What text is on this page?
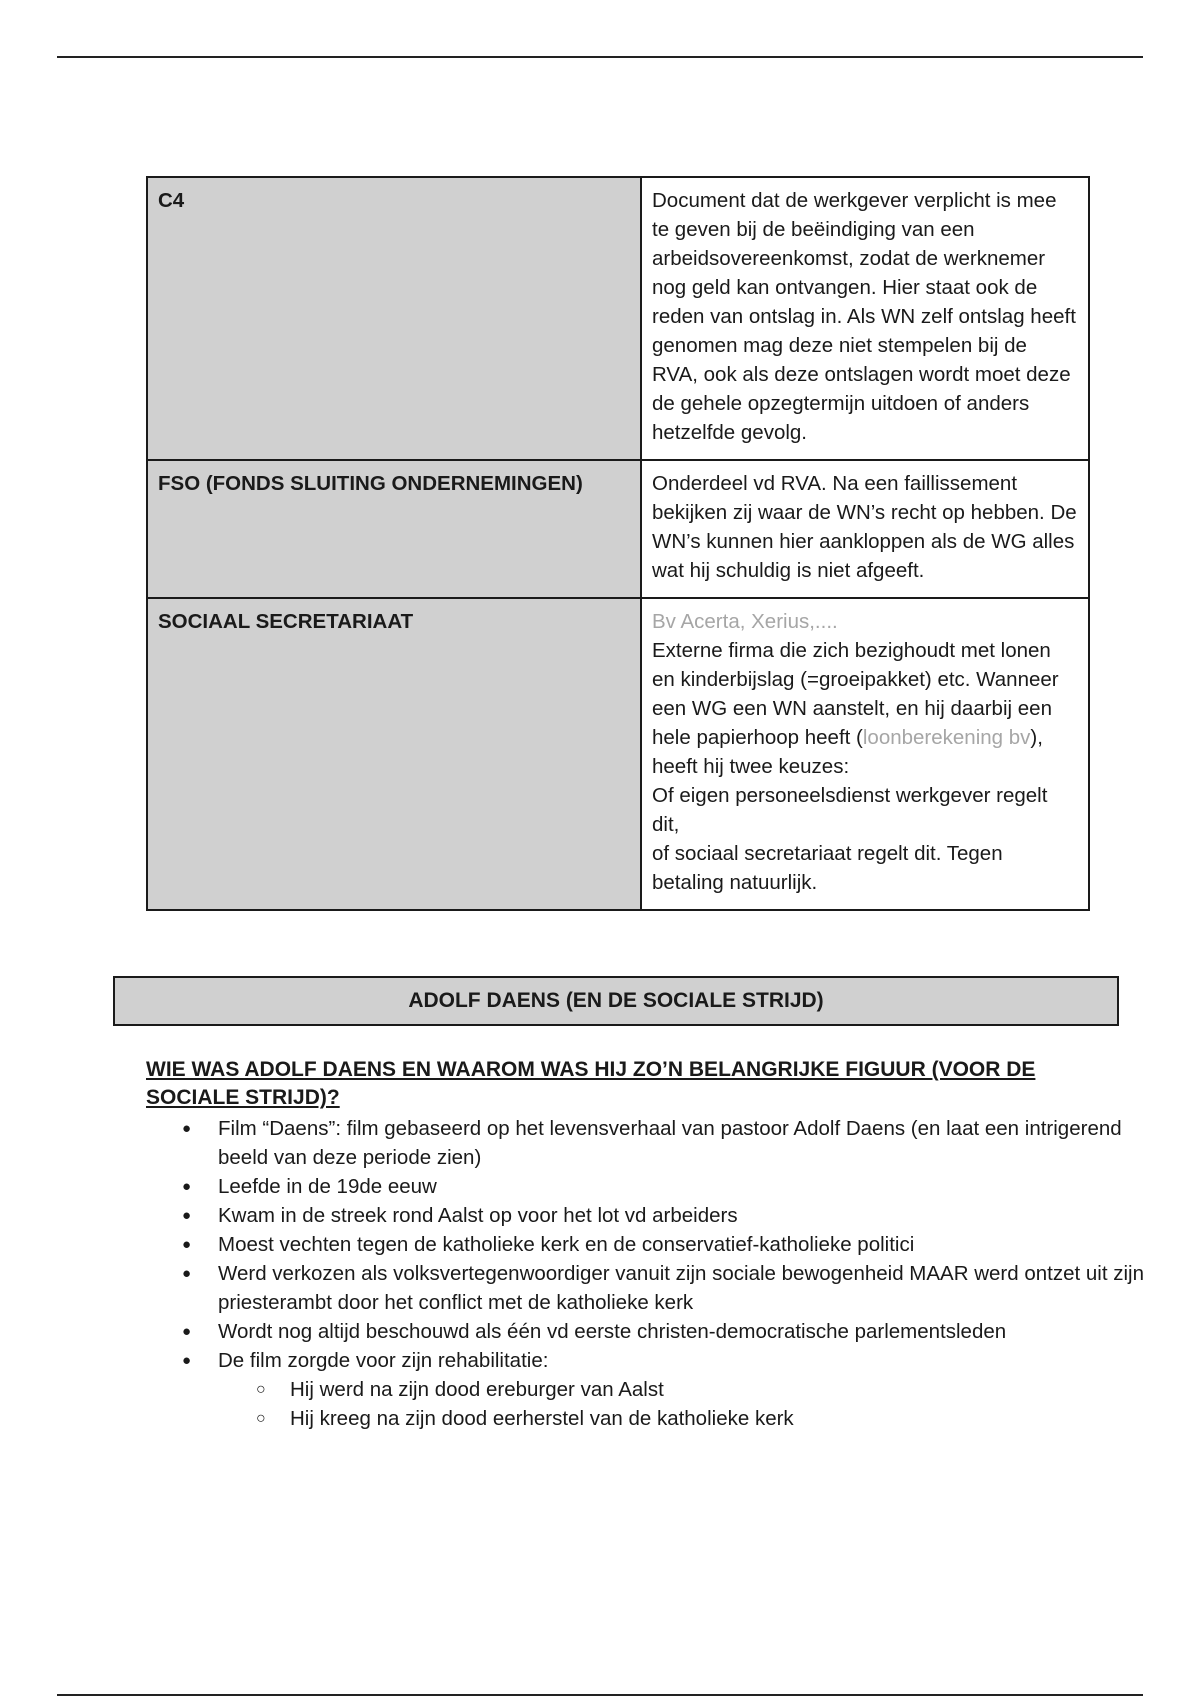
C4	Document dat de werkgever verplicht is mee te geven bij de beëindiging van een arbeidsovereenkomst, zodat de werknemer nog geld kan ontvangen. Hier staat ook de reden van ontslag in. Als WN zelf ontslag heeft genomen mag deze niet stempelen bij de RVA, ook als deze ontslagen wordt moet deze de gehele opzegtermijn uitdoen of anders hetzelfde gevolg.
FSO (FONDS SLUITING ONDERNEMINGEN)	Onderdeel vd RVA. Na een faillissement bekijken zij waar de WN’s recht op hebben. De WN’s kunnen hier aankloppen als de WG alles wat hij schuldig is niet afgeeft.
SOCIAAL SECRETARIAAT	Bv Acerta, Xerius,....
Externe firma die zich bezighoudt met lonen en kinderbijslag (=groeipakket) etc. Wanneer een WG een WN aanstelt, en hij daarbij een hele papierhoop heeft (loonberekening bv), heeft hij twee keuzes:
Of eigen personeelsdienst werkgever regelt dit,
of sociaal secretariaat regelt dit. Tegen betaling natuurlijk.
ADOLF DAENS (EN DE SOCIALE STRIJD)

WIE WAS ADOLF DAENS EN WAAROM WAS HIJ ZO’N BELANGRIJKE FIGUUR (VOOR DE SOCIALE STRIJD)?

● Film “Daens”: film gebaseerd op het levensverhaal van pastoor Adolf Daens (en laat een intrigerend beeld van deze periode zien)
● Leefde in de 19de eeuw
● Kwam in de streek rond Aalst op voor het lot vd arbeiders
● Moest vechten tegen de katholieke kerk en de conservatief-katholieke politici
● Werd verkozen als volksvertegenwoordiger vanuit zijn sociale bewogenheid MAAR werd ontzet uit zijn priesterambt door het conflict met de katholieke kerk
● Wordt nog altijd beschouwd als één vd eerste christen-democratische parlementsleden
● De film zorgde voor zijn rehabilitatie:
○ Hij werd na zijn dood ereburger van Aalst
○ Hij kreeg na zijn dood eerherstel van de katholieke kerk
